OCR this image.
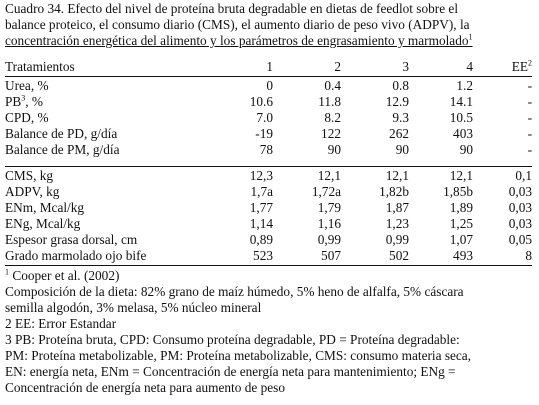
Cuadro 34. Efecto del nivel de proteína bruta degradable en dietas de feedlot sobre el
balance proteico, el consumo diario (CMS), el aumento diario de peso vivo (ADPV), la
concentración energética del alimento y los parámetros de engrasamiento y marmolado$^1$
Tratamientos	1	2	3	4	$EE^2$
Urea, %	0	0.4	0.8	1.2	-
$PB^3$, %	10.6	11.8	12.9	14.1	-
CPD, %	7.0	8.2	9.3	10.5	-
Balance de PD, g/día	-19	122	262	403	-
Balance de PM, g/día	78	90	90	90	-
CMS, kg	12,3	12,1	12,1	12,1	0,1
ADPV, kg	1,7a	1,72a	1,82b	1,85b	0,03
ENm, Mcal/kg	1,77	1,79	1,87	1,89	0,03
ENg, Mcal/kg	1,14	1,16	1,23	1,25	0,03
Espesor grasa dorsal, cm	0,89	0,99	0,99	1,07	0,05
Grado marmolado ojo bife	523	507	502	493	8
$^1$ Cooper et al. (2002)
Composición de la dieta: 82% grano de maíz húmedo, 5% heno de alfalfa, 5% cáscara
semilla algodón, 3% melasa, 5% núcleo mineral
2 EE: Error Estandar
3 PB: Proteína bruta, CPD: Consumo proteína degradable, PD = Proteína degradable:
PM: Proteína metabolizable, PM: Proteína metabolizable, CMS: consumo materia seca,
EN: energía neta, ENm = Concentración de energía neta para mantenimiento; ENg =
Concentración de energía neta para aumento de peso
